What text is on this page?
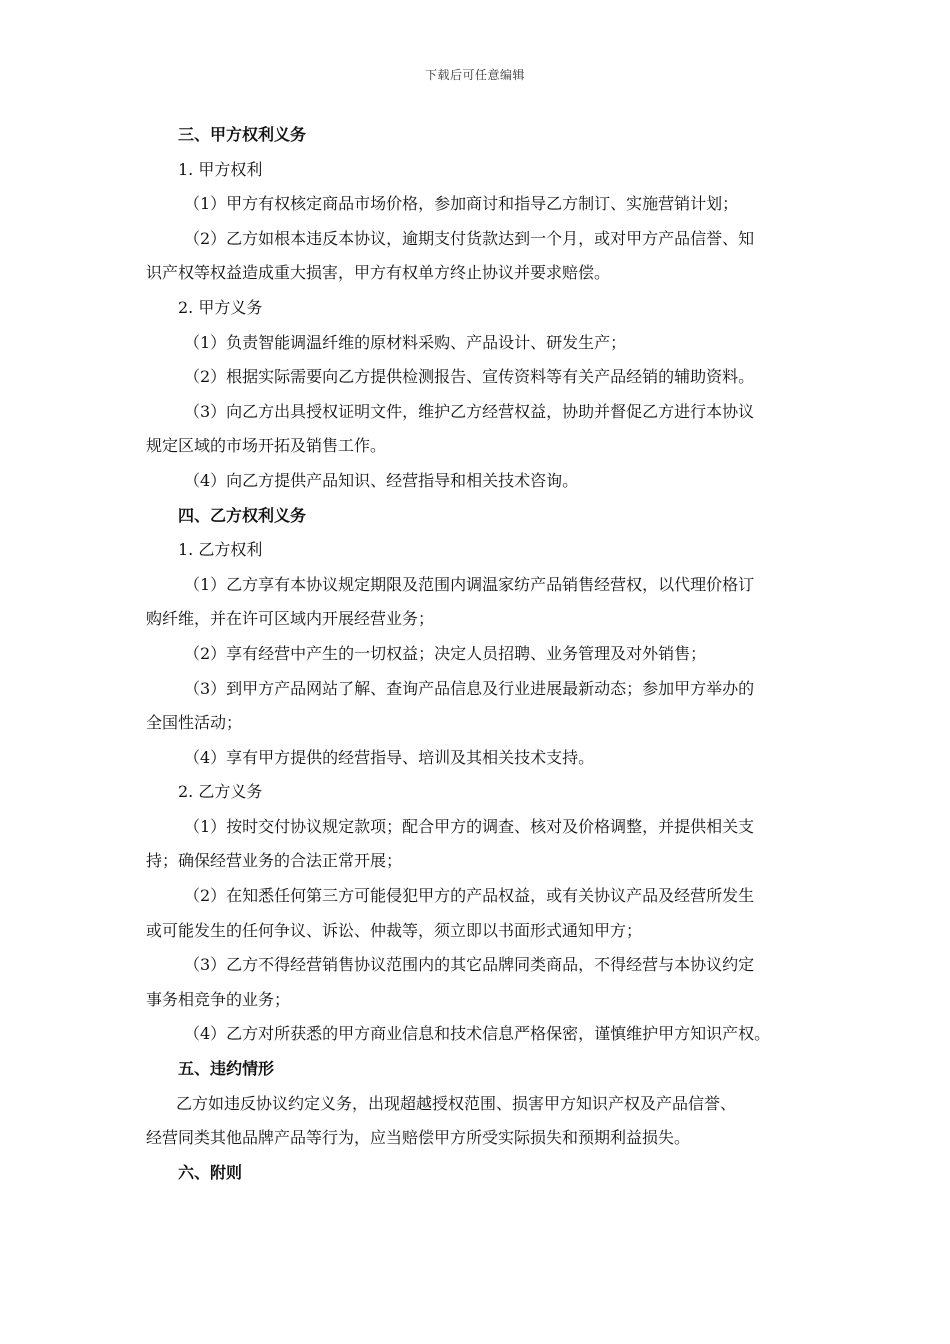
下载后可任意编辑
三、甲方权利义务
1. 甲方权利
（1）甲方有权核定商品市场价格，参加商讨和指导乙方制订、实施营销计划；
（2）乙方如根本违反本协议，逾期支付货款达到一个月，或对甲方产品信誉、知
识产权等权益造成重大损害，甲方有权单方终止协议并要求赔偿。
2. 甲方义务
（1）负责智能调温纤维的原材料采购、产品设计、研发生产；
（2）根据实际需要向乙方提供检测报告、宣传资料等有关产品经销的辅助资料。
（3）向乙方出具授权证明文件，维护乙方经营权益，协助并督促乙方进行本协议
规定区域的市场开拓及销售工作。
（4）向乙方提供产品知识、经营指导和相关技术咨询。
四、乙方权利义务
1. 乙方权利
（1）乙方享有本协议规定期限及范围内调温家纺产品销售经营权，以代理价格订
购纤维，并在许可区域内开展经营业务；
（2）享有经营中产生的一切权益；决定人员招聘、业务管理及对外销售；
（3）到甲方产品网站了解、查询产品信息及行业进展最新动态；参加甲方举办的
全国性活动；
（4）享有甲方提供的经营指导、培训及其相关技术支持。
2. 乙方义务
（1）按时交付协议规定款项；配合甲方的调查、核对及价格调整，并提供相关支
持；确保经营业务的合法正常开展；
（2）在知悉任何第三方可能侵犯甲方的产品权益，或有关协议产品及经营所发生
或可能发生的任何争议、诉讼、仲裁等，须立即以书面形式通知甲方；
（3）乙方不得经营销售协议范围内的其它品牌同类商品，不得经营与本协议约定
事务相竞争的业务；
（4）乙方对所获悉的甲方商业信息和技术信息严格保密，谨慎维护甲方知识产权。
五、违约情形
乙方如违反协议约定义务，出现超越授权范围、损害甲方知识产权及产品信誉、
经营同类其他品牌产品等行为，应当赔偿甲方所受实际损失和预期利益损失。
六、附则
